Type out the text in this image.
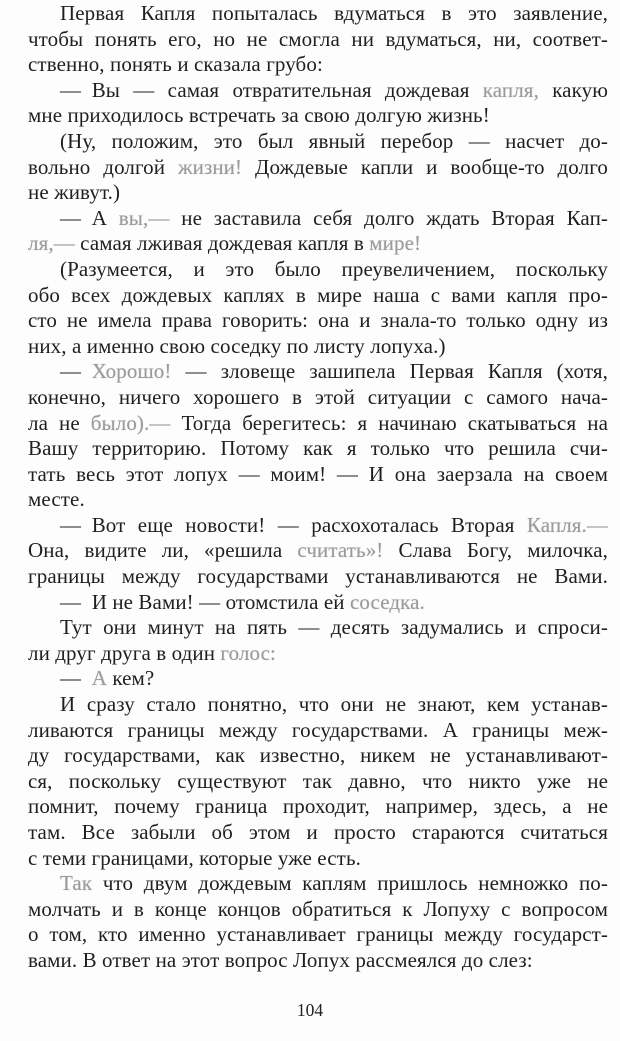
Первая Капля попыталась вдуматься в это заявление,
чтобы понять его, но не смогла ни вдуматься, ни, соответ-
ственно, понять и сказала грубо:
— Вы — самая отвратительная дождевая капля, какую
мне приходилось встречать за свою долгую жизнь!
(Ну, положим, это был явный перебор — насчет до-
вольно долгой жизни! Дождевые капли и вообще-то долго
не живут.)
— А вы,— не заставила себя долго ждать Вторая Кап-
ля,— самая лживая дождевая капля в мире!
(Разумеется, и это было преувеличением, поскольку
обо всех дождевых каплях в мире наша с вами капля про-
сто не имела права говорить: она и знала-то только одну из
них, а именно свою соседку по листу лопуха.)
— Хорошо! — зловеще зашипела Первая Капля (хотя,
конечно, ничего хорошего в этой ситуации с самого нача-
ла не было).— Тогда берегитесь: я начинаю скатываться на
Вашу территорию. Потому как я только что решила счи-
тать весь этот лопух — моим! — И она заерзала на своем
месте.
— Вот еще новости! — расхохоталась Вторая Капля.—
Она, видите ли, «решила считать»! Слава Богу, милочка,
границы между государствами устанавливаются не Вами.
— И не Вами! — отомстила ей соседка.
Тут они минут на пять — десять задумались и спроси-
ли друг друга в один голос:
— А кем?
И сразу стало понятно, что они не знают, кем устанав-
ливаются границы между государствами. А границы меж-
ду государствами, как известно, никем не устанавливают-
ся, поскольку существуют так давно, что никто уже не
помнит, почему граница проходит, например, здесь, а не
там. Все забыли об этом и просто стараются считаться
с теми границами, которые уже есть.
Так что двум дождевым каплям пришлось немножко по-
молчать и в конце концов обратиться к Лопуху с вопросом
о том, кто именно устанавливает границы между государст-
вами. В ответ на этот вопрос Лопух рассмеялся до слез:
104
